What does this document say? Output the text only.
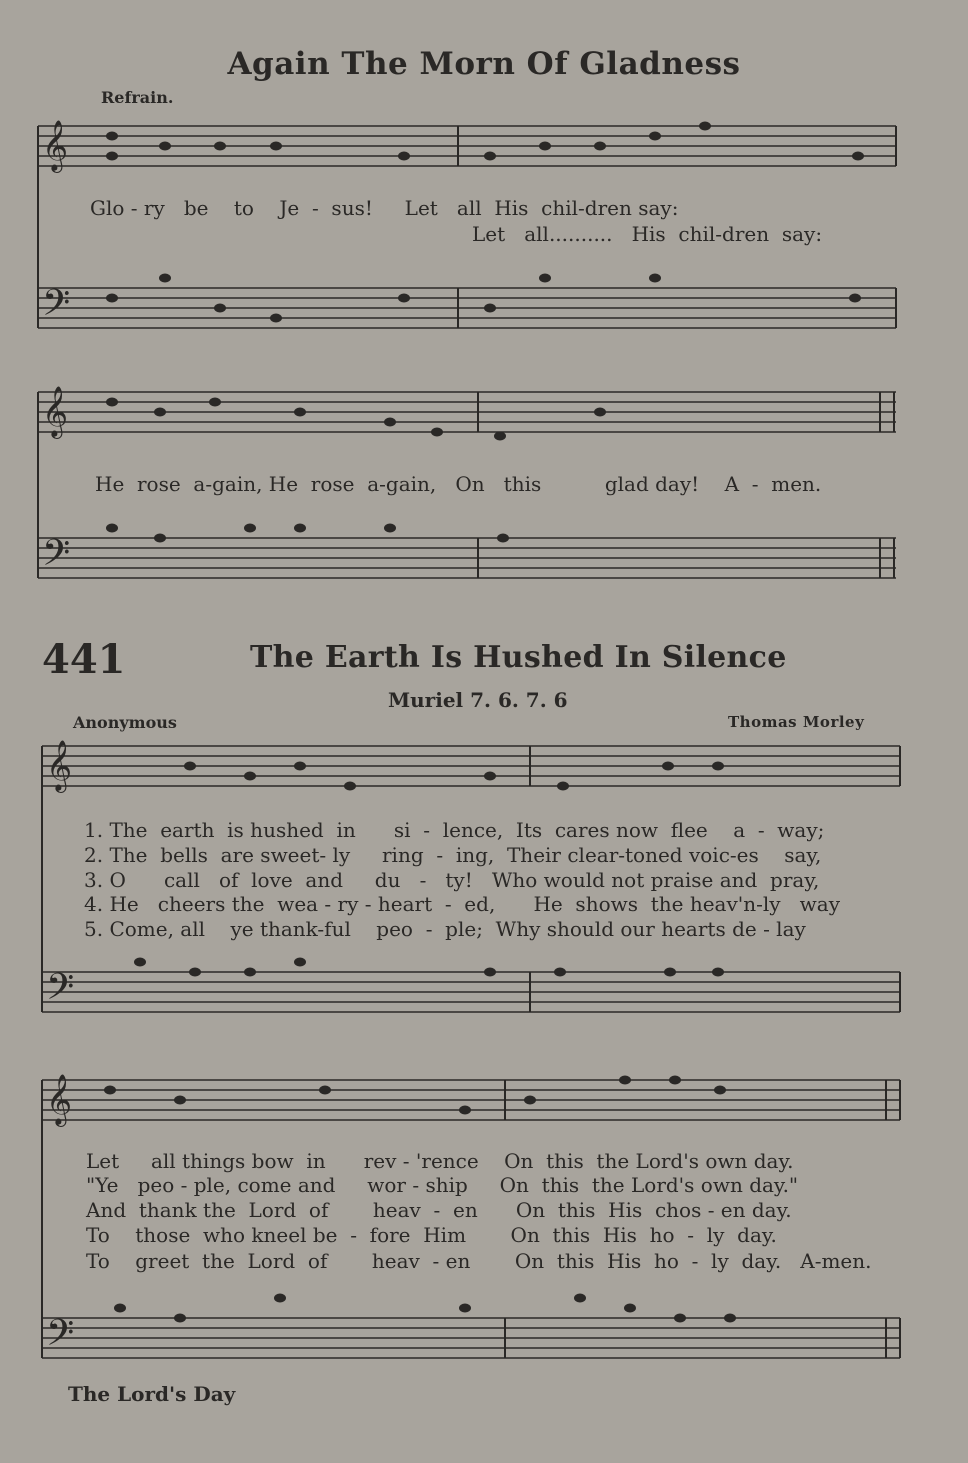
𝄞
𝄢
𝄞
𝄢
𝄞
𝄢
𝄞
𝄢
Again The Morn Of Gladness
Refrain.
Glo - ry   be    to    Je  -  sus!     Let   all  His  chil-dren say:
Let   all..........   His  chil-dren  say:
He  rose  a-gain, He  rose  a-gain,   On   this          glad day!    A  -  men.
441	The Earth Is Hushed In Silence
Muriel 7. 6. 7. 6
Anonymous	Thomas Morley
1. The  earth  is hushed  in      si  -  lence,  Its  cares now  flee    a  -  way;
2. The  bells  are sweet- ly     ring  -  ing,  Their clear-toned voic-es    say,
3. O      call   of  love  and     du   -   ty!   Who would not praise and  pray,
4. He   cheers the  wea - ry - heart  -  ed,      He  shows  the heav'n-ly   way
5. Come, all    ye thank-ful    peo  -  ple;  Why should our hearts de - lay
Let     all things bow  in      rev - 'rence    On  this  the Lord's own day.
"Ye   peo - ple, come and     wor - ship     On  this  the Lord's own day."
And  thank the  Lord  of       heav  -  en      On  this  His  chos - en day.
To    those  who kneel be  -  fore  Him       On  this  His  ho  -  ly  day.
To    greet  the  Lord  of       heav  - en       On  this  His  ho  -  ly  day.   A-men.
The Lord's Day
